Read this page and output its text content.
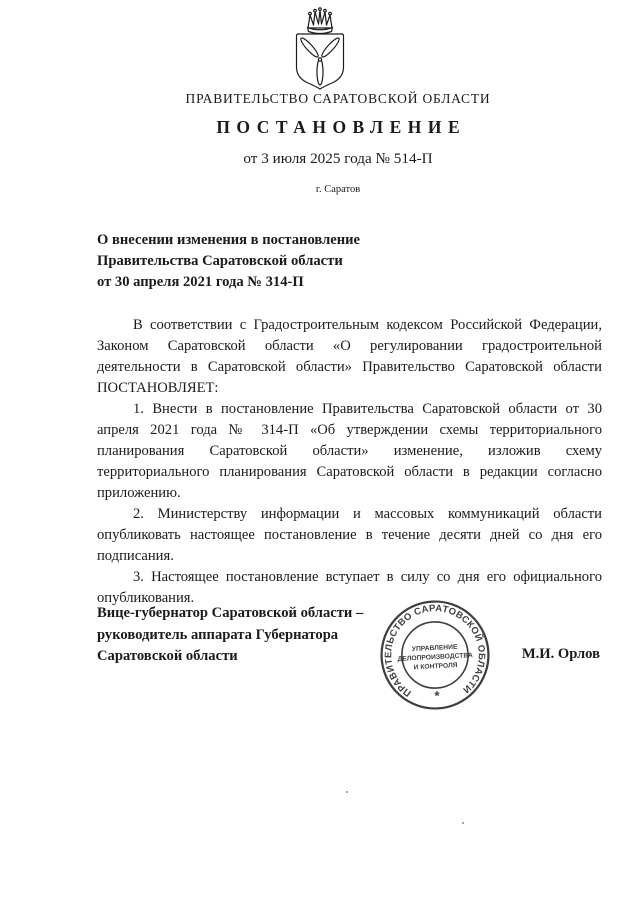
ПРАВИТЕЛЬСТВО САРАТОВСКОЙ ОБЛАСТИ
ПОСТАНОВЛЕНИЕ
от 3 июля 2025 года № 514-П
г. Саратов
О внесении изменения в постановление
Правительства Саратовской области
от 30 апреля 2021 года № 314-П

В соответствии с Градостроительным кодексом Российской Федерации, Законом Саратовской области «О регулировании градостроительной деятельности в Саратовской области» Правительство Саратовской области ПОСТАНОВЛЯЕТ:

1. Внести в постановление Правительства Саратовской области от 30 апреля 2021 года № 314-П «Об утверждении схемы территориального планирования Саратовской области» изменение, изложив схему территориального планирования Саратовской области в редакции согласно приложению.

2. Министерству информации и массовых коммуникаций области опубликовать настоящее постановление в течение десяти дней со дня его подписания.

3. Настоящее постановление вступает в силу со дня его официального опубликования.

Вице-губернатор Саратовской области –
руководитель аппарата Губернатора
Саратовской области	М.И. Орлов
ПРАВИТЕЛЬСТВО САРАТОВСКОЙ ОБЛАСТИ
*
УПРАВЛЕНИЕ
ДЕЛОПРОИЗВОДСТВА
И КОНТРОЛЯ
